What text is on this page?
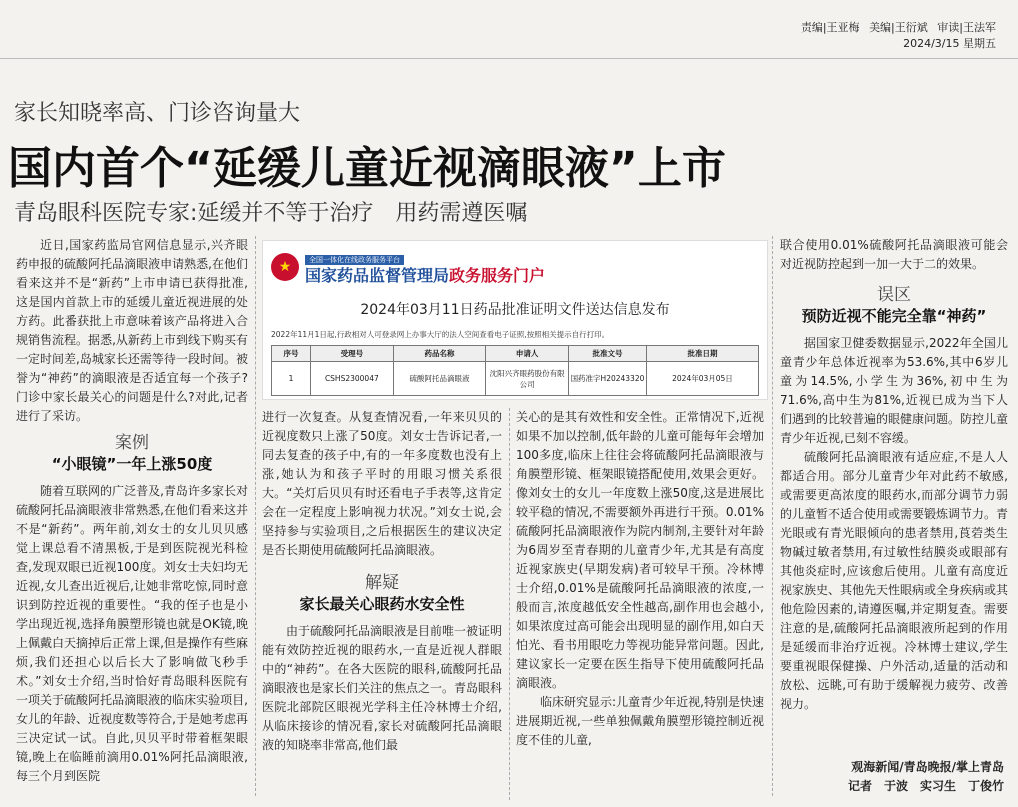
责编|王亚梅 美编|王衍斌 审读|王法军
2024/3/15 星期五
家长知晓率高、门诊咨询量大
国内首个“延缓儿童近视滴眼液”上市
青岛眼科医院专家:延缓并不等于治疗　用药需遵医嘱

近日,国家药监局官网信息显示,兴齐眼药申报的硫酸阿托品滴眼液申请熟悉,在他们看来这并不是“新药”上市申请已获得批准,这是国内首款上市的延缓儿童近视进展的处方药。此番获批上市意味着该产品将进入合规销售流程。据悉,从新药上市到线下购买有一定时间差,岛城家长还需等待一段时间。被誉为“神药”的滴眼液是否适宜每一个孩子?门诊中家长最关心的问题是什么?对此,记者进行了采访。

案例
“小眼镜”一年上涨50度

随着互联网的广泛普及,青岛许多家长对硫酸阿托品滴眼液非常熟悉,在他们看来这并不是“新药”。两年前,刘女士的女儿贝贝感觉上课总看不清黑板,于是到医院视光科检查,发现双眼已近视100度。刘女士夫妇均无近视,女儿查出近视后,让她非常吃惊,同时意识到防控近视的重要性。“我的侄子也是小学出现近视,选择角膜塑形镜也就是OK镜,晚上佩戴白天摘掉后正常上课,但是操作有些麻烦,我们还担心以后长大了影响做飞秒手术。”刘女士介绍,当时恰好青岛眼科医院有一项关于硫酸阿托品滴眼液的临床实验项目,女儿的年龄、近视度数等符合,于是她考虑再三决定试一试。自此,贝贝平时带着框架眼镜,晚上在临睡前滴用0.01%阿托品滴眼液,每三个月到医院

★	全国一体化在线政务服务平台
国家药品监督管理局政务服务门户
2024年03月11日药品批准证明文件送达信息发布
2022年11月1日起,行政相对人可登录网上办事大厅的法人空间查看电子证照,按照相关提示自行打印。
序号	受理号	药品名称	申请人	批准文号	批准日期
1	CSHS2300047	硫酸阿托品滴眼液	沈阳兴齐眼药股份有限公司	国药准字H20243320	2024年03月05日

进行一次复查。从复查情况看,一年来贝贝的近视度数只上涨了50度。刘女士告诉记者,一同去复查的孩子中,有的一年多度数也没有上涨,她认为和孩子平时的用眼习惯关系很大。“关灯后贝贝有时还看电子手表等,这肯定会在一定程度上影响视力状况。”刘女士说,会坚持参与实验项目,之后根据医生的建议决定是否长期使用硫酸阿托品滴眼液。

解疑
家长最关心眼药水安全性

由于硫酸阿托品滴眼液是目前唯一被证明能有效防控近视的眼药水,一直是近视人群眼中的“神药”。在各大医院的眼科,硫酸阿托品滴眼液也是家长们关注的焦点之一。青岛眼科医院北部院区眼视光学科主任冷林博士介绍,从临床接诊的情况看,家长对硫酸阿托品滴眼液的知晓率非常高,他们最

关心的是其有效性和安全性。正常情况下,近视如果不加以控制,低年龄的儿童可能每年会增加100多度,临床上往往会将硫酸阿托品滴眼液与角膜塑形镜、框架眼镜搭配使用,效果会更好。像刘女士的女儿一年度数上涨50度,这是进展比较平稳的情况,不需要额外再进行干预。0.01%硫酸阿托品滴眼液作为院内制剂,主要针对年龄为6周岁至青春期的儿童青少年,尤其是有高度近视家族史(早期发病)者可较早干预。冷林博士介绍,0.01%是硫酸阿托品滴眼液的浓度,一般而言,浓度越低安全性越高,副作用也会越小,如果浓度过高可能会出现明显的副作用,如白天怕光、看书用眼吃力等视功能异常问题。因此,建议家长一定要在医生指导下使用硫酸阿托品滴眼液。

临床研究显示:儿童青少年近视,特别是快速进展期近视,一些单独佩戴角膜塑形镜控制近视度不佳的儿童,

联合使用0.01%硫酸阿托品滴眼液可能会对近视防控起到一加一大于二的效果。

误区
预防近视不能完全靠“神药”

据国家卫健委数据显示,2022年全国儿童青少年总体近视率为53.6%,其中6岁儿童为14.5%,小学生为36%,初中生为71.6%,高中生为81%,近视已成为当下人们遇到的比较普遍的眼健康问题。防控儿童青少年近视,已刻不容缓。

硫酸阿托品滴眼液有适应症,不是人人都适合用。部分儿童青少年对此药不敏感,或需要更高浓度的眼药水,而部分调节力弱的儿童暂不适合使用或需要锻炼调节力。青光眼或有青光眼倾向的患者禁用,莨菪类生物碱过敏者禁用,有过敏性结膜炎或眼部有其他炎症时,应该愈后使用。儿童有高度近视家族史、其他先天性眼病或全身疾病或其他危险因素的,请遵医嘱,并定期复查。需要注意的是,硫酸阿托品滴眼液所起到的作用是延缓而非治疗近视。冷林博士建议,学生要重视眼保健操、户外活动,适量的活动和放松、远眺,可有助于缓解视力疲劳、改善视力。

观海新闻/青岛晚报/掌上青岛
记者　于波　实习生　丁俊竹
